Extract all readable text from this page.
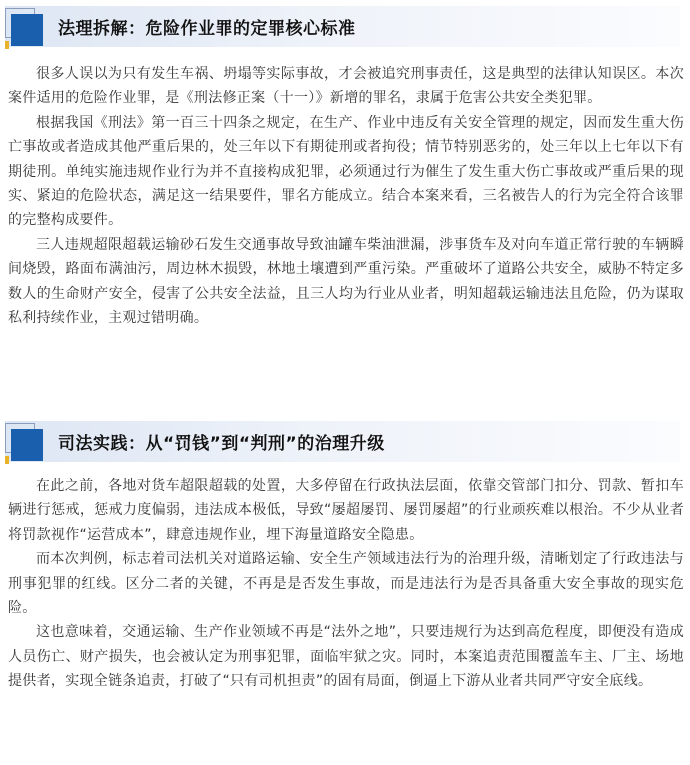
法理拆解：危险作业罪的定罪核心标准

很多人误以为只有发生车祸、坍塌等实际事故，才会被追究刑事责任，这是典型的法律认知误区。本次案件适用的危险作业罪，是《刑法修正案（十一）》新增的罪名，隶属于危害公共安全类犯罪。

根据我国《刑法》第一百三十四条之规定，在生产、作业中违反有关安全管理的规定，因而发生重大伤亡事故或者造成其他严重后果的，处三年以下有期徒刑或者拘役；情节特别恶劣的，处三年以上七年以下有期徒刑。单纯实施违规作业行为并不直接构成犯罪，必须通过行为催生了发生重大伤亡事故或严重后果的现实、紧迫的危险状态，满足这一结果要件，罪名方能成立。结合本案来看，三名被告人的行为完全符合该罪的完整构成要件。

三人违规超限超载运输砂石发生交通事故导致油罐车柴油泄漏，涉事货车及对向车道正常行驶的车辆瞬间烧毁，路面布满油污，周边林木损毁，林地土壤遭到严重污染。严重破坏了道路公共安全，威胁不特定多数人的生命财产安全，侵害了公共安全法益，且三人均为行业从业者，明知超载运输违法且危险，仍为谋取私利持续作业，主观过错明确。

司法实践：从“罚钱”到“判刑”的治理升级

在此之前，各地对货车超限超载的处置，大多停留在行政执法层面，依靠交管部门扣分、罚款、暂扣车辆进行惩戒，惩戒力度偏弱，违法成本极低，导致“屡超屡罚、屡罚屡超”的行业顽疾难以根治。不少从业者将罚款视作“运营成本”，肆意违规作业，埋下海量道路安全隐患。

而本次判例，标志着司法机关对道路运输、安全生产领域违法行为的治理升级，清晰划定了行政违法与刑事犯罪的红线。区分二者的关键，不再是是否发生事故，而是违法行为是否具备重大安全事故的现实危险。

这也意味着，交通运输、生产作业领域不再是“法外之地”，只要违规行为达到高危程度，即便没有造成人员伤亡、财产损失，也会被认定为刑事犯罪，面临牢狱之灾。同时，本案追责范围覆盖车主、厂主、场地提供者，实现全链条追责，打破了“只有司机担责”的固有局面，倒逼上下游从业者共同严守安全底线。
